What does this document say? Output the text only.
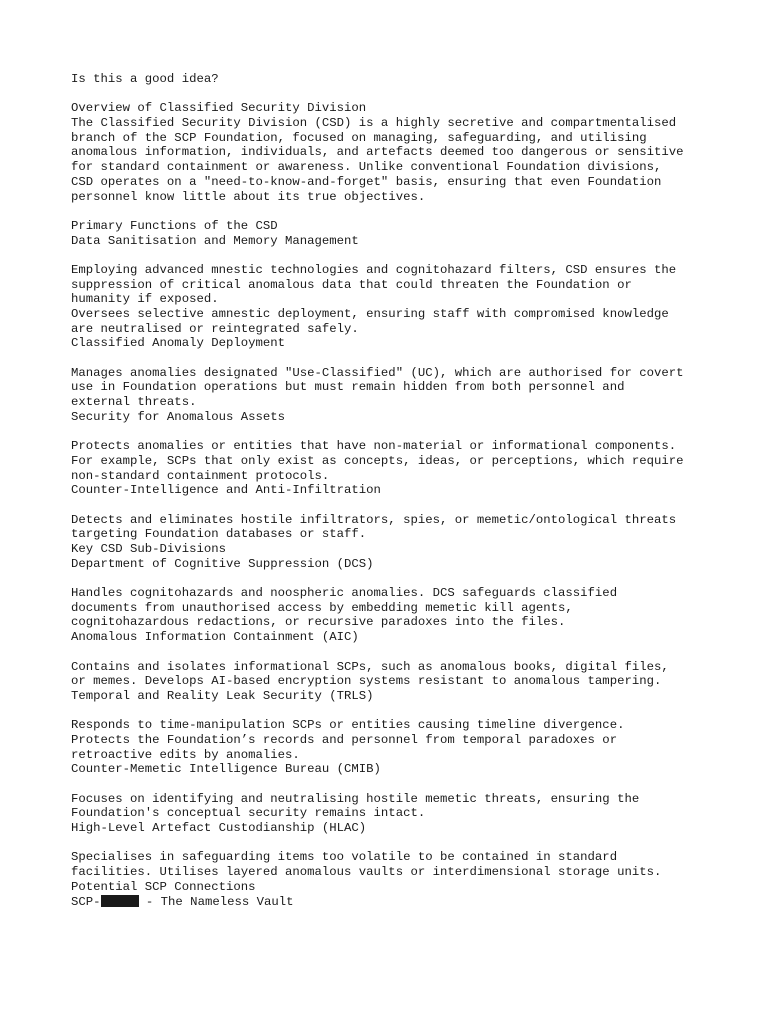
Is this a good idea?
Overview of Classified Security Division
The Classified Security Division (CSD) is a highly secretive and compartmentalised
branch of the SCP Foundation, focused on managing, safeguarding, and utilising
anomalous information, individuals, and artefacts deemed too dangerous or sensitive
for standard containment or awareness. Unlike conventional Foundation divisions,
CSD operates on a "need-to-know-and-forget" basis, ensuring that even Foundation
personnel know little about its true objectives.
Primary Functions of the CSD
Data Sanitisation and Memory Management
Employing advanced mnestic technologies and cognitohazard filters, CSD ensures the
suppression of critical anomalous data that could threaten the Foundation or
humanity if exposed.
Oversees selective amnestic deployment, ensuring staff with compromised knowledge
are neutralised or reintegrated safely.
Classified Anomaly Deployment
Manages anomalies designated "Use-Classified" (UC), which are authorised for covert
use in Foundation operations but must remain hidden from both personnel and
external threats.
Security for Anomalous Assets
Protects anomalies or entities that have non-material or informational components.
For example, SCPs that only exist as concepts, ideas, or perceptions, which require
non-standard containment protocols.
Counter-Intelligence and Anti-Infiltration
Detects and eliminates hostile infiltrators, spies, or memetic/ontological threats
targeting Foundation databases or staff.
Key CSD Sub-Divisions
Department of Cognitive Suppression (DCS)
Handles cognitohazards and noospheric anomalies. DCS safeguards classified
documents from unauthorised access by embedding memetic kill agents,
cognitohazardous redactions, or recursive paradoxes into the files.
Anomalous Information Containment (AIC)
Contains and isolates informational SCPs, such as anomalous books, digital files,
or memes. Develops AI-based encryption systems resistant to anomalous tampering.
Temporal and Reality Leak Security (TRLS)
Responds to time-manipulation SCPs or entities causing timeline divergence.
Protects the Foundation’s records and personnel from temporal paradoxes or
retroactive edits by anomalies.
Counter-Memetic Intelligence Bureau (CMIB)
Focuses on identifying and neutralising hostile memetic threats, ensuring the
Foundation's conceptual security remains intact.
High-Level Artefact Custodianship (HLAC)
Specialises in safeguarding items too volatile to be contained in standard
facilities. Utilises layered anomalous vaults or interdimensional storage units.
Potential SCP Connections
SCP-	- The Nameless Vault
